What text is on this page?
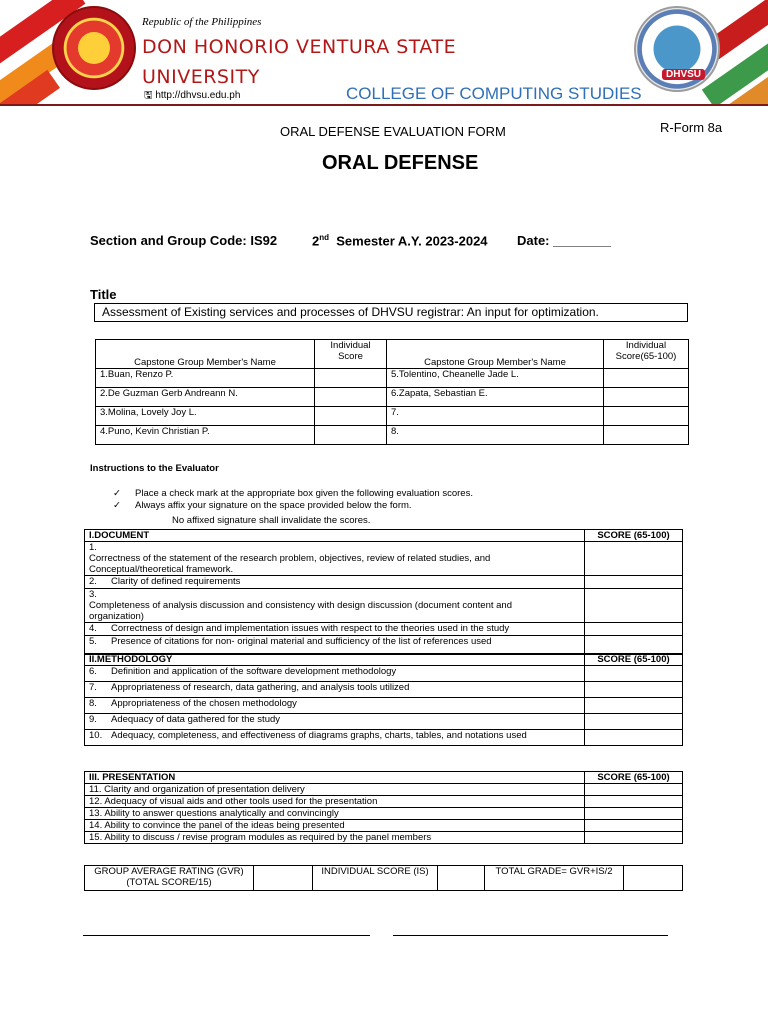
DHVSU
Republic of the Philippines
DON HONORIO VENTURA STATE UNIVERSITY
🖫 http://dhvsu.edu.ph	COLLEGE OF COMPUTING STUDIES
ORAL DEFENSE EVALUATION FORM	R-Form 8a
ORAL DEFENSE
Section and Group Code: IS92	2nd Semester A.Y. 2023-2024 Date: ________
Title
Assessment of Existing services and processes of DHVSU registrar: An input for optimization.
Capstone Group Member's Name	Individual Score	Capstone Group Member's Name	Individual Score(65-100)
1.Buan, Renzo P.		5.Tolentino, Cheanelle Jade L.	
2.De Guzman Gerb Andreann N.		6.Zapata, Sebastian E.	
3.Molina, Lovely Joy L.		7.	
4.Puno, Kevin Christian P.		8.	
Instructions to the Evaluator
✓ Place a check mark at the appropriate box given the following evaluation scores.
✓ Always affix your signature on the space provided below the form.
No affixed signature shall invalidate the scores.
I.DOCUMENT	SCORE (65-100)
1.Correctness of the statement of the research problem, objectives, review of related studies, and Conceptual/theoretical framework.	
2. Clarity of defined requirements	
3.Completeness of analysis discussion and consistency with design discussion (document content and organization)	
4. Correctness of design and implementation issues with respect to the theories used in the study	
5. Presence of citations for non- original material and sufficiency of the list of references used	
II.METHODOLOGY	SCORE (65-100)
6. Definition and application of the software development methodology	
7. Appropriateness of research, data gathering, and analysis tools utilized	
8. Appropriateness of the chosen methodology	
9. Adequacy of data gathered for the study	
10. Adequacy, completeness, and effectiveness of diagrams graphs, charts, tables, and notations used	
III. PRESENTATION	SCORE (65-100)
11. Clarity and organization of presentation delivery	
12. Adequacy of visual aids and other tools used for the presentation	
13. Ability to answer questions analytically and convincingly	
14. Ability to convince the panel of the ideas being presented	
15. Ability to discuss / revise program modules as required by the panel members	
GROUP AVERAGE RATING (GVR)(TOTAL SCORE/15)		INDIVIDUAL SCORE (IS)		TOTAL GRADE= GVR+IS/2	
